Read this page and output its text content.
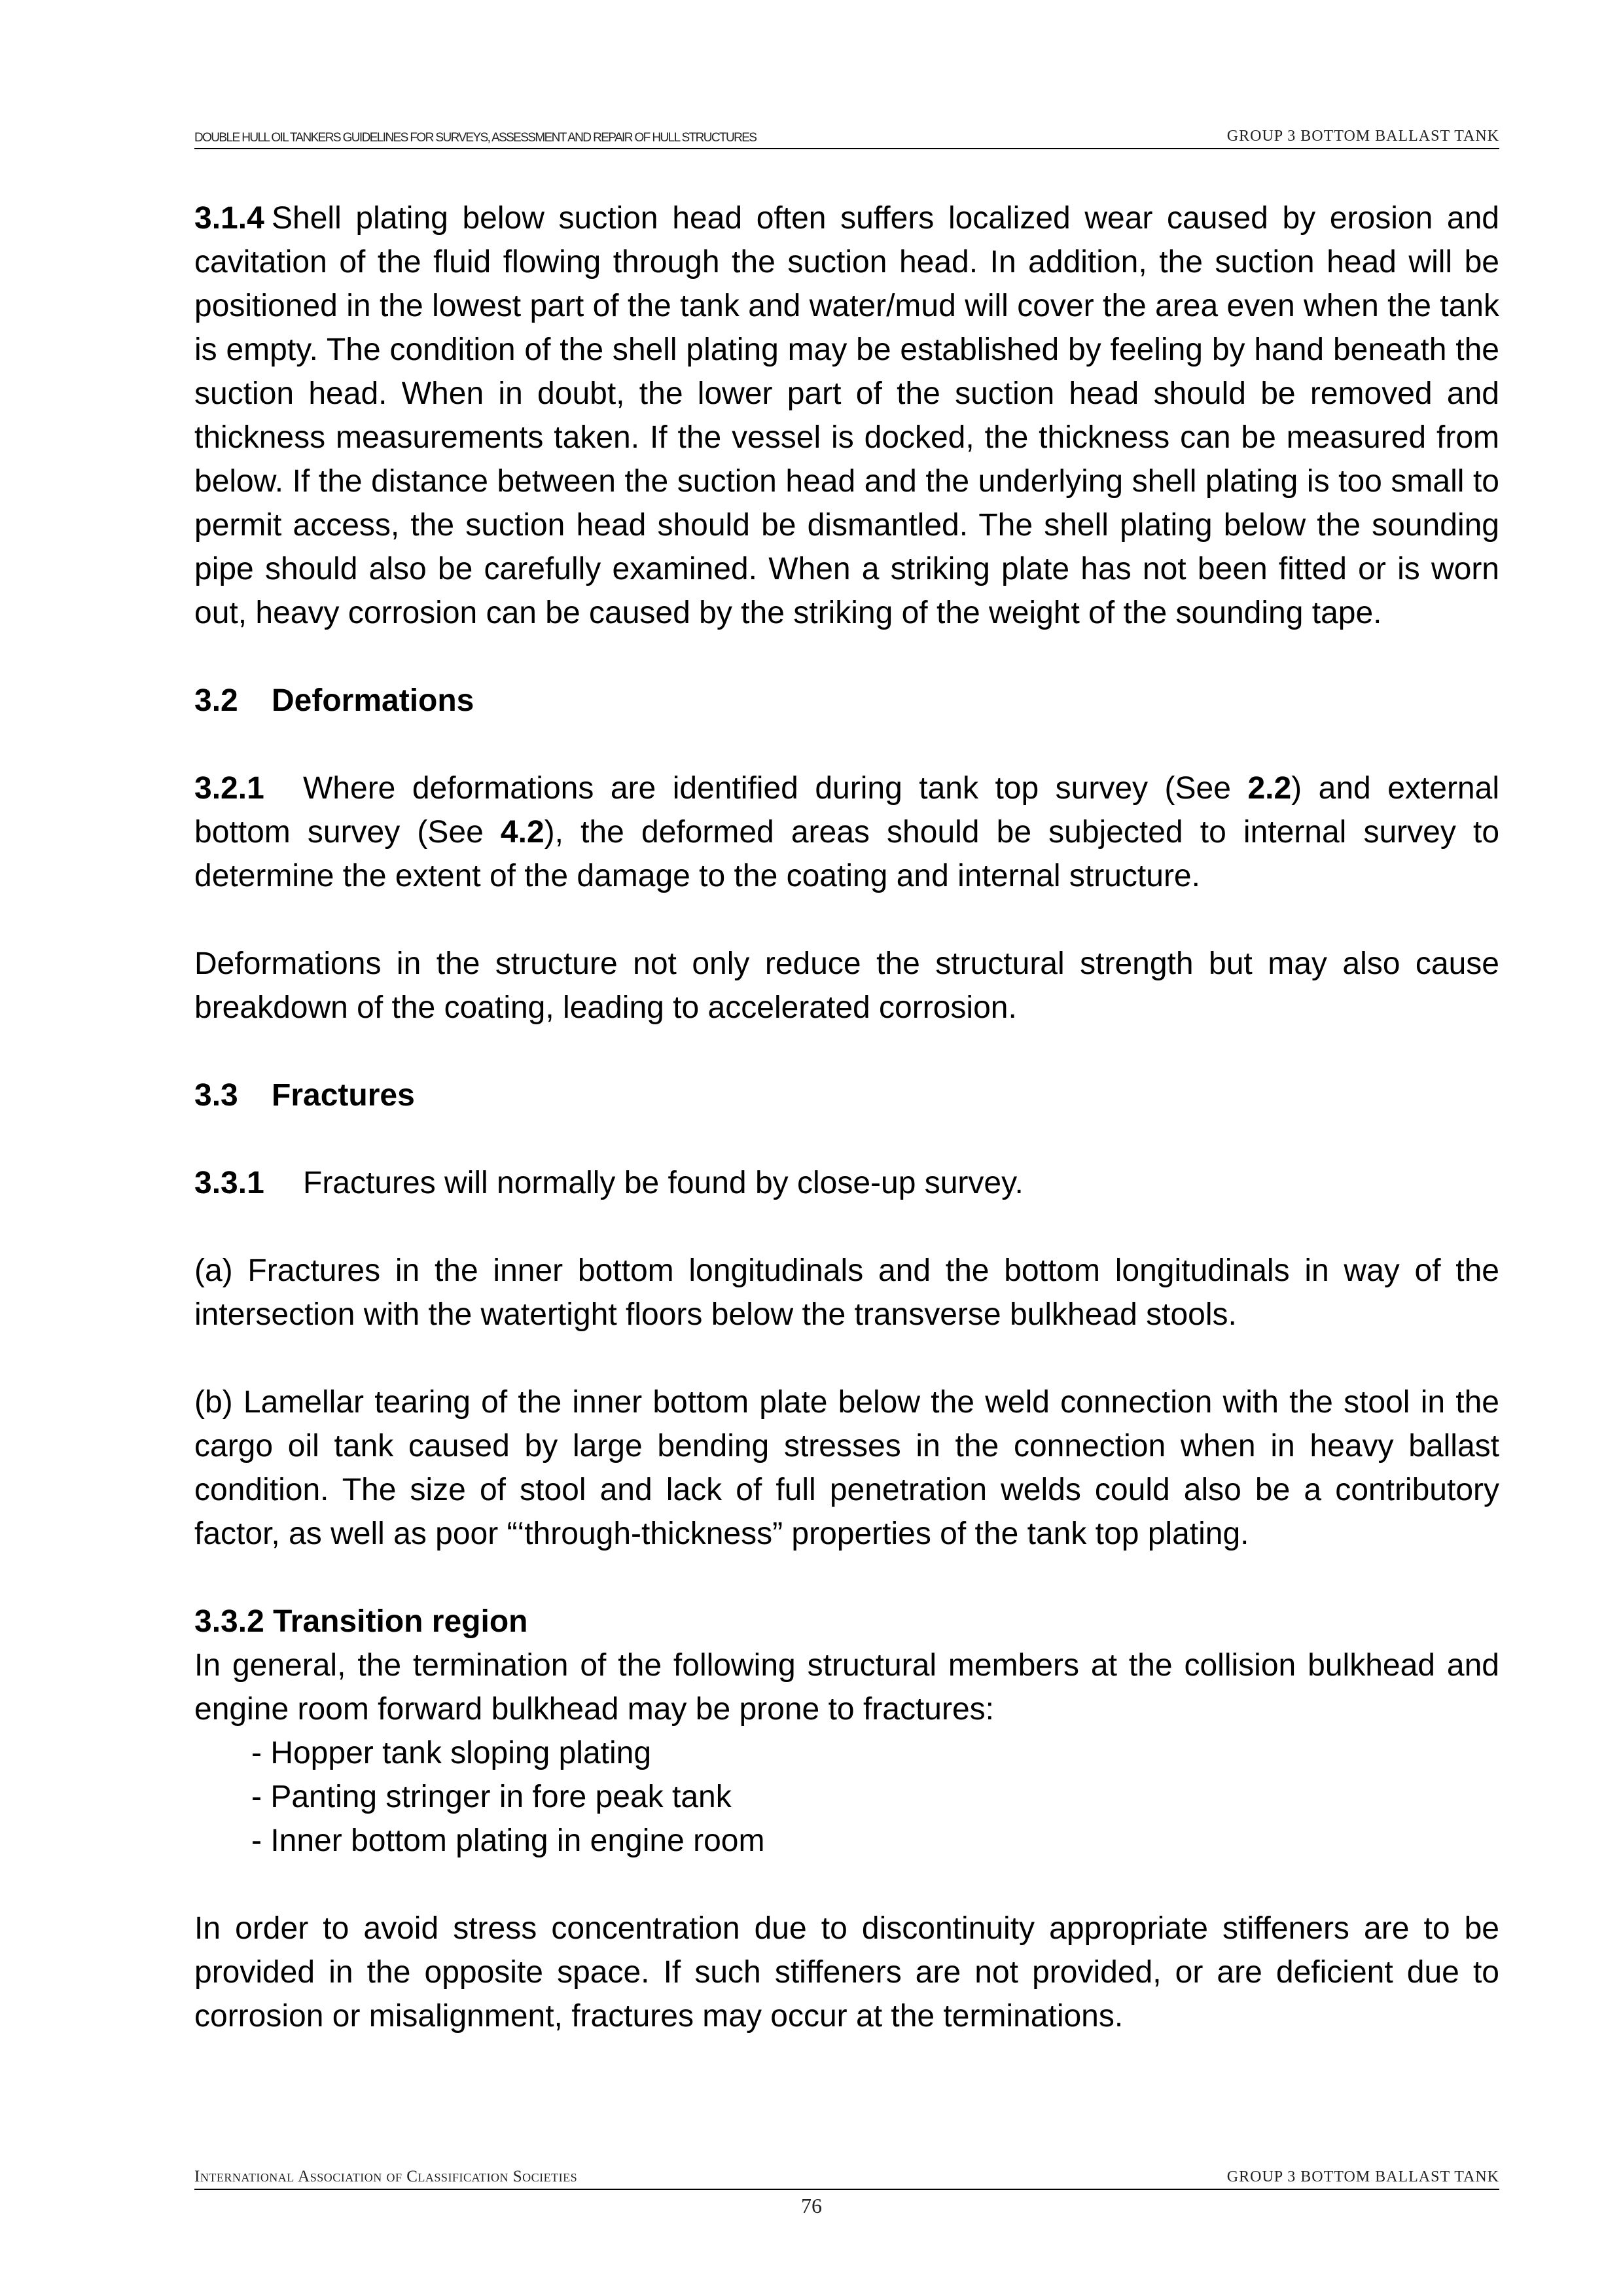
DOUBLE HULL OIL TANKERS GUIDELINES FOR SURVEYS, ASSESSMENT AND REPAIR OF HULL STRUCTURES	GROUP 3 BOTTOM BALLAST TANK

3.1.4 Shell plating below suction head often suffers localized wear caused by erosion and cavitation of the fluid flowing through the suction head. In addition, the suction head will be positioned in the lowest part of the tank and water/mud will cover the area even when the tank is empty. The condition of the shell plating may be established by feeling by hand beneath the suction head. When in doubt, the lower part of the suction head should be removed and thickness measurements taken. If the vessel is docked, the thickness can be measured from below. If the distance between the suction head and the underlying shell plating is too small to permit access, the suction head should be dismantled. The shell plating below the sounding pipe should also be carefully examined. When a striking plate has not been fitted or is worn out, heavy corrosion can be caused by the striking of the weight of the sounding tape.

3.2 Deformations

3.2.1 Where deformations are identified during tank top survey (See 2.2) and external bottom survey (See 4.2), the deformed areas should be subjected to internal survey to determine the extent of the damage to the coating and internal structure.

Deformations in the structure not only reduce the structural strength but may also cause breakdown of the coating, leading to accelerated corrosion.

3.3 Fractures

3.3.1 Fractures will normally be found by close-up survey.

(a) Fractures in the inner bottom longitudinals and the bottom longitudinals in way of the intersection with the watertight floors below the transverse bulkhead stools.

(b) Lamellar tearing of the inner bottom plate below the weld connection with the stool in the cargo oil tank caused by large bending stresses in the connection when in heavy ballast condition. The size of stool and lack of full penetration welds could also be a contributory factor, as well as poor “‘through-thickness” properties of the tank top plating.

3.3.2 Transition region

In general, the termination of the following structural members at the collision bulkhead and engine room forward bulkhead may be prone to fractures:

- Hopper tank sloping plating
- Panting stringer in fore peak tank
- Inner bottom plating in engine room

In order to avoid stress concentration due to discontinuity appropriate stiffeners are to be provided in the opposite space. If such stiffeners are not provided, or are deficient due to corrosion or misalignment, fractures may occur at the terminations.

International Association of Classification Societies	GROUP 3 BOTTOM BALLAST TANK
76
